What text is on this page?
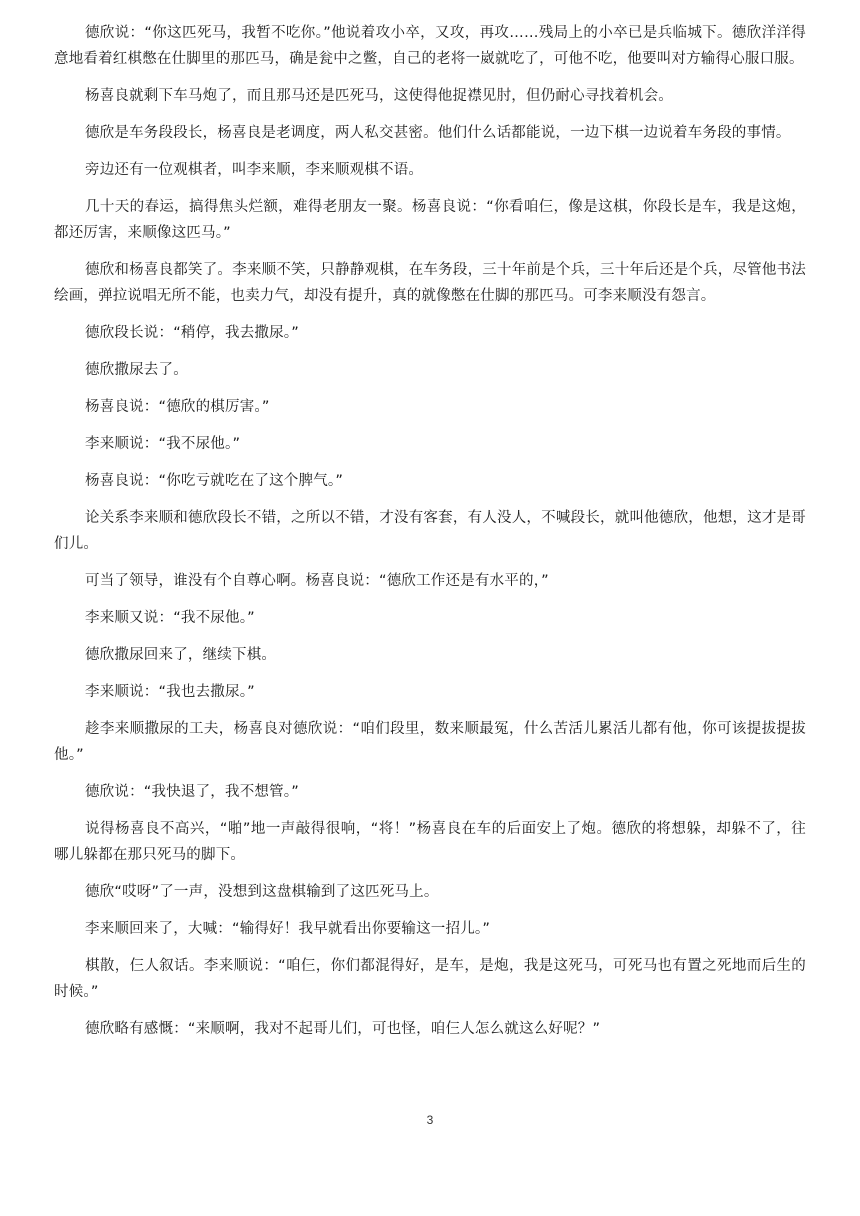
德欣说：“你这匹死马，我暂不吃你。”他说着攻小卒，又攻，再攻……残局上的小卒已是兵临城下。德欣洋洋得意地看着红棋憋在仕脚里的那匹马，确是瓮中之鳖，自己的老将一崴就吃了，可他不吃，他要叫对方输得心服口服。

杨喜良就剩下车马炮了，而且那马还是匹死马，这使得他捉襟见肘，但仍耐心寻找着机会。

德欣是车务段段长，杨喜良是老调度，两人私交甚密。他们什么话都能说，一边下棋一边说着车务段的事情。

旁边还有一位观棋者，叫李来顺，李来顺观棋不语。

几十天的春运，搞得焦头烂额，难得老朋友一聚。杨喜良说：“你看咱仨，像是这棋，你段长是车，我是这炮，都还厉害，来顺像这匹马。”

德欣和杨喜良都笑了。李来顺不笑，只静静观棋，在车务段，三十年前是个兵，三十年后还是个兵，尽管他书法绘画，弹拉说唱无所不能，也卖力气，却没有提升，真的就像憋在仕脚的那匹马。可李来顺没有怨言。

德欣段长说：“稍停，我去撒尿。”

德欣撒尿去了。

杨喜良说：“德欣的棋厉害。”

李来顺说：“我不尿他。”

杨喜良说：“你吃亏就吃在了这个脾气。”

论关系李来顺和德欣段长不错，之所以不错，才没有客套，有人没人，不喊段长，就叫他德欣，他想，这才是哥们儿。

可当了领导，谁没有个自尊心啊。杨喜良说：“德欣工作还是有水平的，”

李来顺又说：“我不尿他。”

德欣撒尿回来了，继续下棋。

李来顺说：“我也去撒尿。”

趁李来顺撒尿的工夫，杨喜良对德欣说：“咱们段里，数来顺最冤，什么苦活儿累活儿都有他，你可该提拔提拔他。”

德欣说：“我快退了，我不想管。”

说得杨喜良不高兴，“啪”地一声敲得很响，“将！”杨喜良在车的后面安上了炮。德欣的将想躲，却躲不了，往哪儿躲都在那只死马的脚下。

德欣“哎呀”了一声，没想到这盘棋输到了这匹死马上。

李来顺回来了，大喊：“输得好！我早就看出你要输这一招儿。”

棋散，仨人叙话。李来顺说：“咱仨，你们都混得好，是车，是炮，我是这死马，可死马也有置之死地而后生的时候。”

德欣略有感慨：“来顺啊，我对不起哥儿们，可也怪，咱仨人怎么就这么好呢？”

3
